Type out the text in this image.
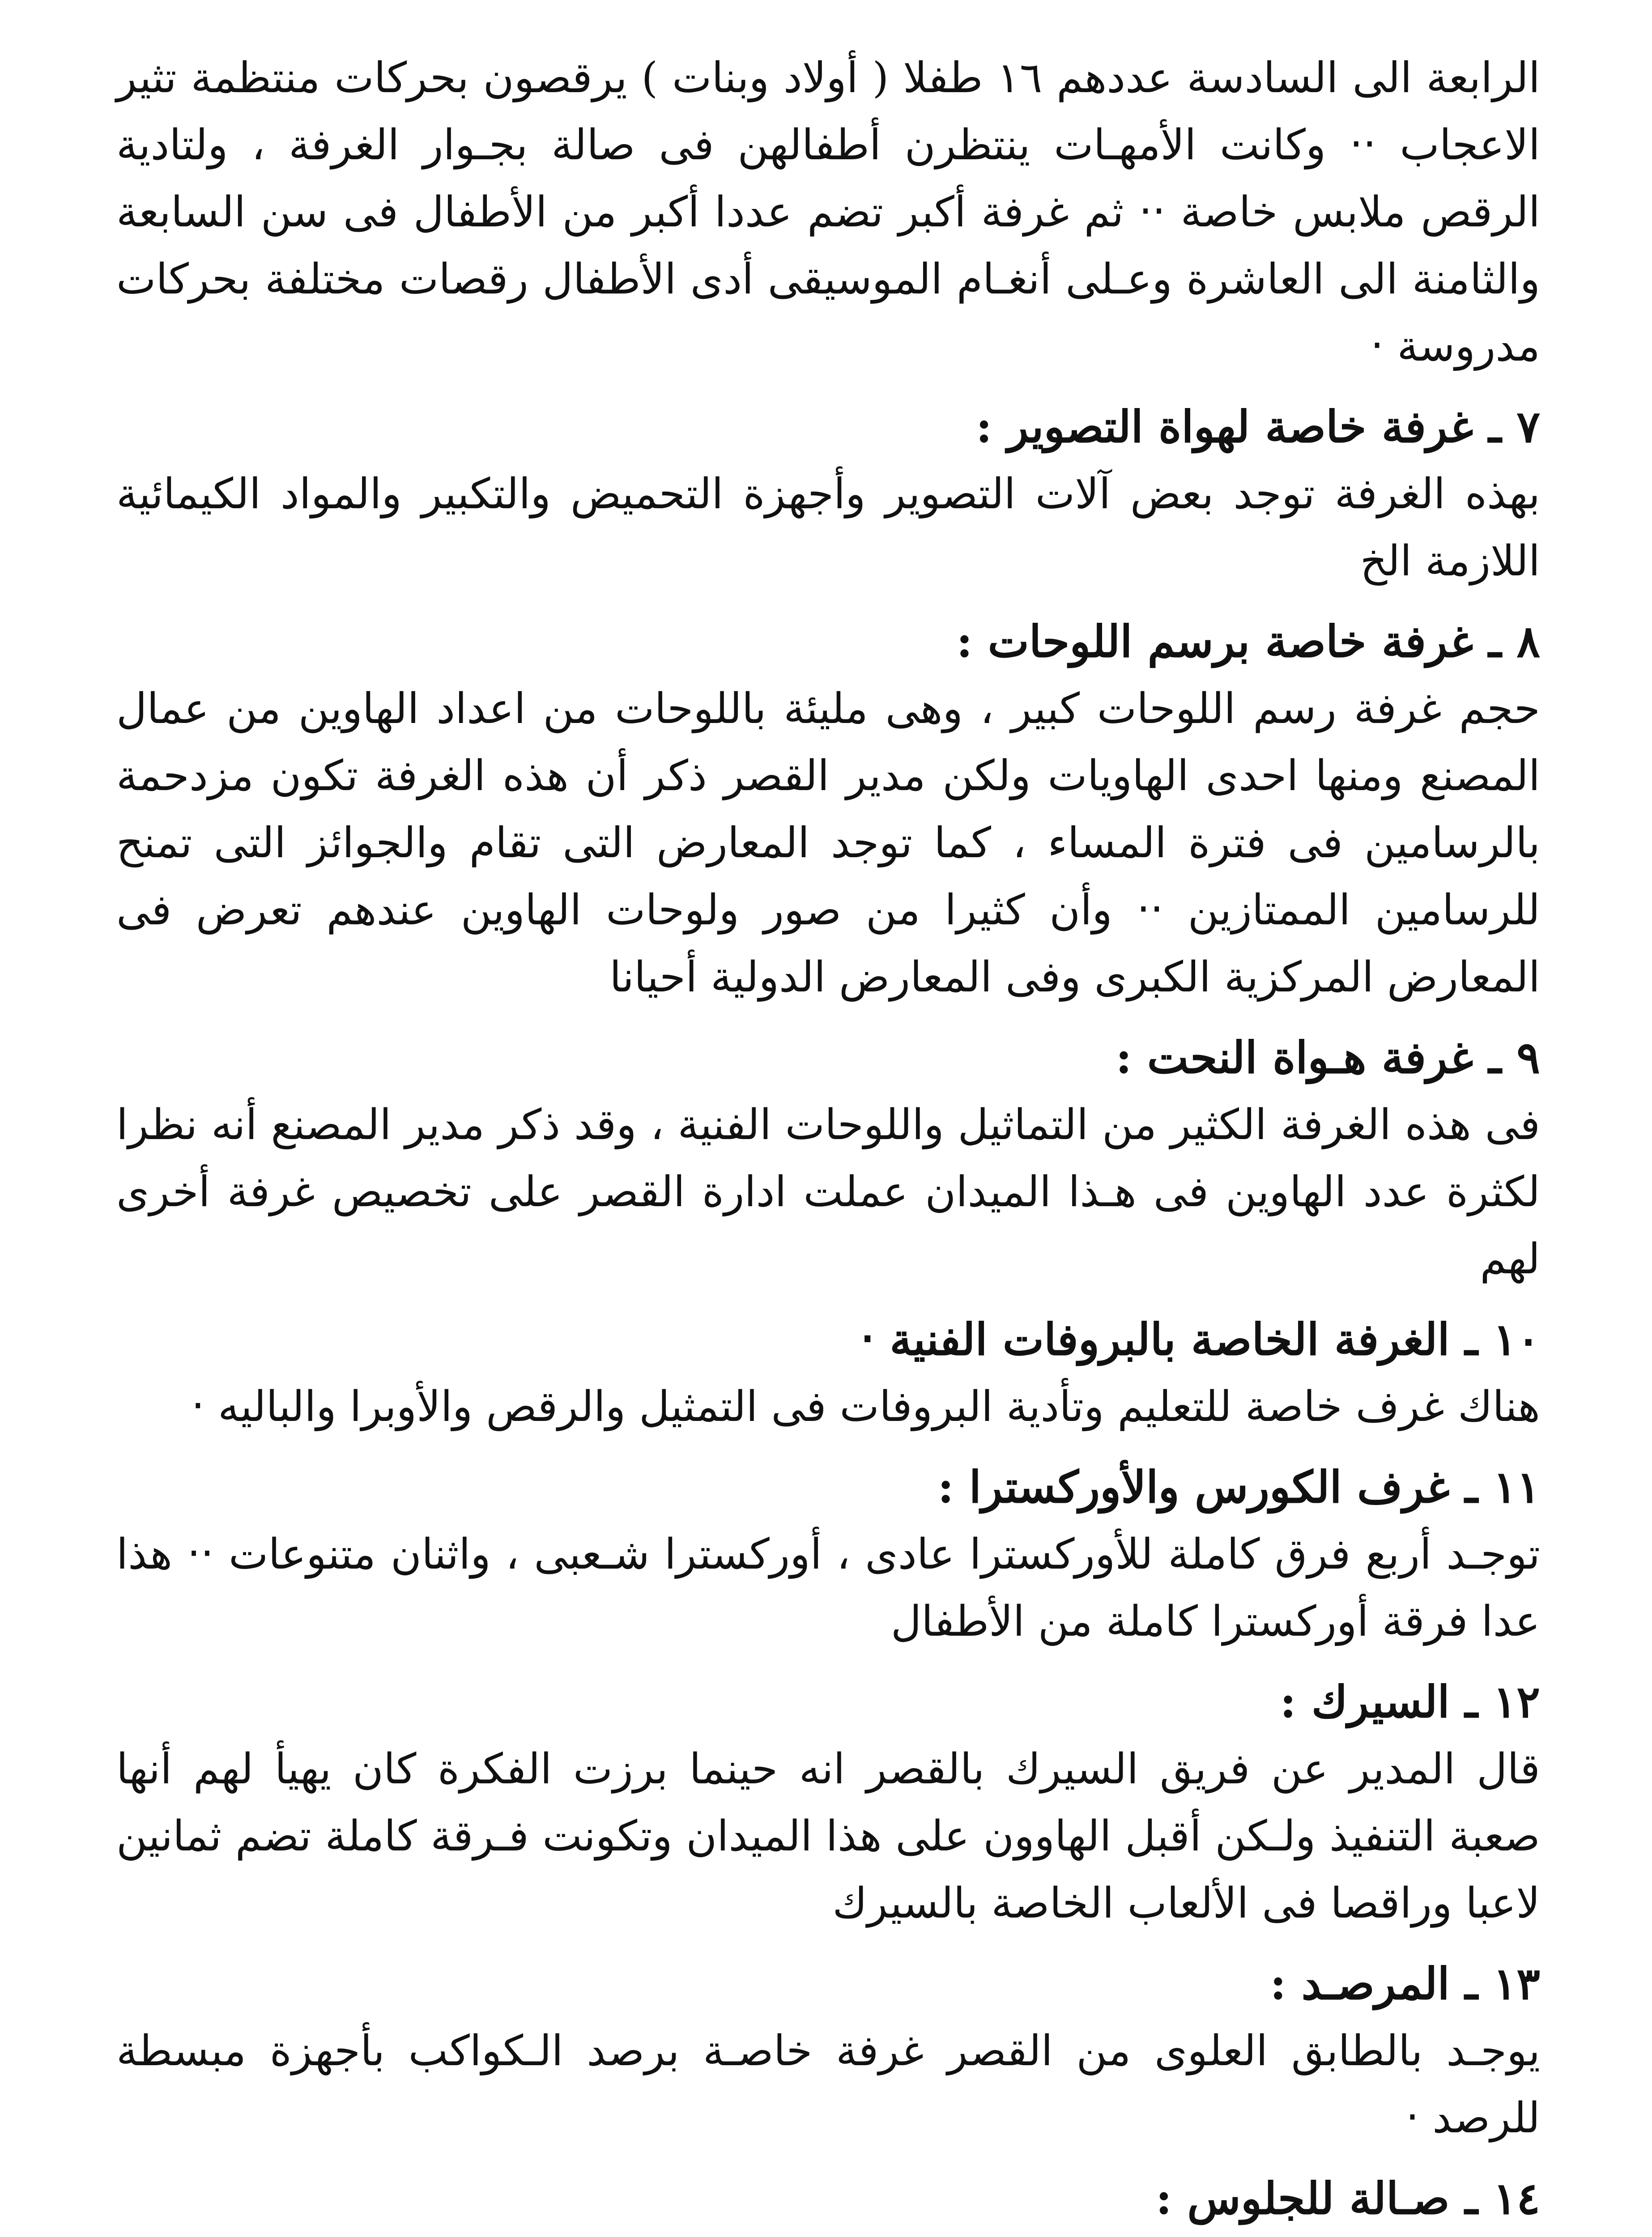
الرابعة الى السادسة عددهم ١٦ طفلا ( أولاد وبنات ) يرقصون بحركات منتظمة تثير الاعجاب ‧‧ وكانت الأمهـات ينتظرن أطفالهن فى صالة بجـوار الغرفة ، ولتادية الرقص ملابس خاصة ‧‧ ثم غرفة أكبر تضم عددا أكبر من الأطفال فى سن السابعة والثامنة الى العاشرة وعـلى أنغـام الموسيقى أدى الأطفال رقصات مختلفة بحركات مدروسة ‧

٧ ـ غرفة خاصة لهواة التصوير :

بهذه الغرفة توجد بعض آلات التصوير وأجهزة التحميض والتكبير والمواد الكيمائية اللازمة الخ

٨ ـ غرفة خاصة برسم اللوحات :

حجم غرفة رسم اللوحات كبير ، وهى مليئة باللوحات من اعداد الهاوين من عمال المصنع ومنها احدى الهاويات ولكن مدير القصر ذكر أن هذه الغرفة تكون مزدحمة بالرسامين فى فترة المساء ، كما توجد المعارض التى تقام والجوائز التى تمنح للرسامين الممتازين ‧‧ وأن كثيرا من صور ولوحات الهاوين عندهم تعرض فى المعارض المركزية الكبرى وفى المعارض الدولية أحيانا

٩ ـ غرفة هـواة النحت :

فى هذه الغرفة الكثير من التماثيل واللوحات الفنية ، وقد ذكر مدير المصنع أنه نظرا لكثرة عدد الهاوين فى هـذا الميدان عملت ادارة القصر على تخصيص غرفة أخرى لهم

١٠ ـ الغرفة الخاصة بالبروفات الفنية ‧

هناك غرف خاصة للتعليم وتأدية البروفات فى التمثيل والرقص والأوبرا والباليه ‧

١١ ـ غرف الكورس والأوركسترا :

توجـد أربع فرق كاملة للأوركسترا عادى ، أوركسترا شـعبى ، واثنان متنوعات ‧‧ هذا عدا فرقة أوركسترا كاملة من الأطفال

١٢ ـ السيرك :

قال المدير عن فريق السيرك بالقصر انه حينما برزت الفكرة كان يهيأ لهم أنها صعبة التنفيذ ولـكن أقبل الهاوون على هذا الميدان وتكونت فـرقة كاملة تضم ثمانين لاعبا وراقصا فى الألعاب الخاصة بالسيرك

١٣ ـ المرصـد :

يوجـد بالطابق العلوى من القصر غرفة خاصـة برصد الـكواكب بأجهزة مبسطة للرصد ‧

١٤ ـ صـالة للجلوس :
